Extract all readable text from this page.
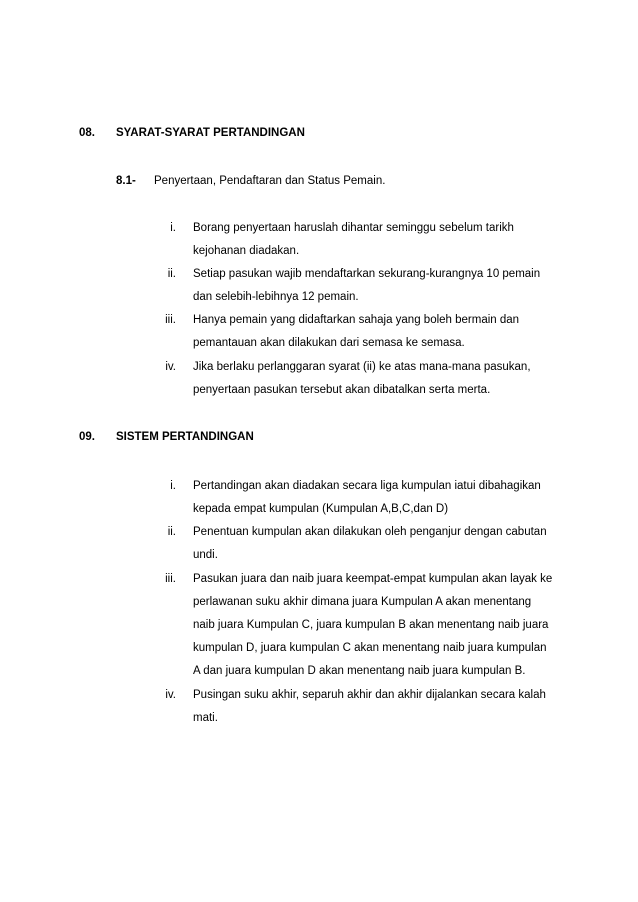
08. SYARAT-SYARAT PERTANDINGAN
8.1- Penyertaan, Pendaftaran dan Status Pemain.
i. Borang penyertaan haruslah dihantar seminggu sebelum tarikh
kejohanan diadakan.
ii. Setiap pasukan wajib mendaftarkan sekurang-kurangnya 10 pemain
dan selebih-lebihnya 12 pemain.
iii. Hanya pemain yang didaftarkan sahaja yang boleh bermain dan
pemantauan akan dilakukan dari semasa ke semasa.
iv. Jika berlaku perlanggaran syarat (ii) ke atas mana-mana pasukan,
penyertaan pasukan tersebut akan dibatalkan serta merta.
09. SISTEM PERTANDINGAN
i. Pertandingan akan diadakan secara liga kumpulan iatui dibahagikan
kepada empat kumpulan (Kumpulan A,B,C,dan D)
ii. Penentuan kumpulan akan dilakukan oleh penganjur dengan cabutan
undi.
iii. Pasukan juara dan naib juara keempat-empat kumpulan akan layak ke
perlawanan suku akhir dimana juara Kumpulan A akan menentang
naib juara Kumpulan C, juara kumpulan B akan menentang naib juara
kumpulan D, juara kumpulan C akan menentang naib juara kumpulan
A dan juara kumpulan D akan menentang naib juara kumpulan B.
iv. Pusingan suku akhir, separuh akhir dan akhir dijalankan secara kalah
mati.
